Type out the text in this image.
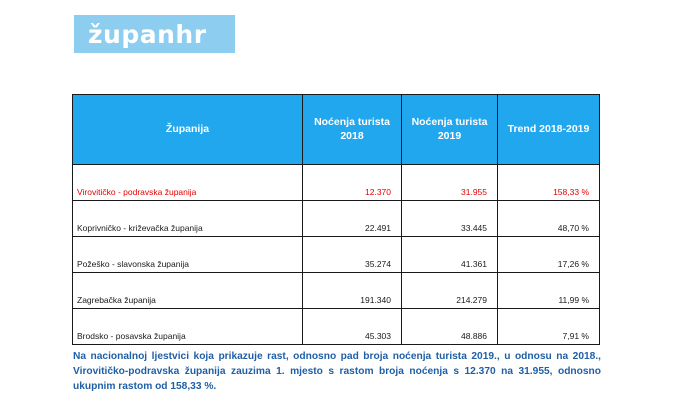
županhr
Županija	Noćenja turista 2018	Noćenja turista 2019	Trend 2018-2019
Virovitičko - podravska županija	12.370	31.955	158,33 %
Koprivničko - križevačka županija	22.491	33.445	48,70 %
Požeško - slavonska županija	35.274	41.361	17,26 %
Zagrebačka županija	191.340	214.279	11,99 %
Brodsko - posavska županija	45.303	48.886	7,91 %

Na nacionalnoj ljestvici koja prikazuje rast, odnosno pad broja noćenja turista 2019., u odnosu na 2018., Virovitičko-podravska županija zauzima 1. mjesto s rastom broja noćenja s 12.370 na 31.955, odnosno ukupnim rastom od 158,33 %.
